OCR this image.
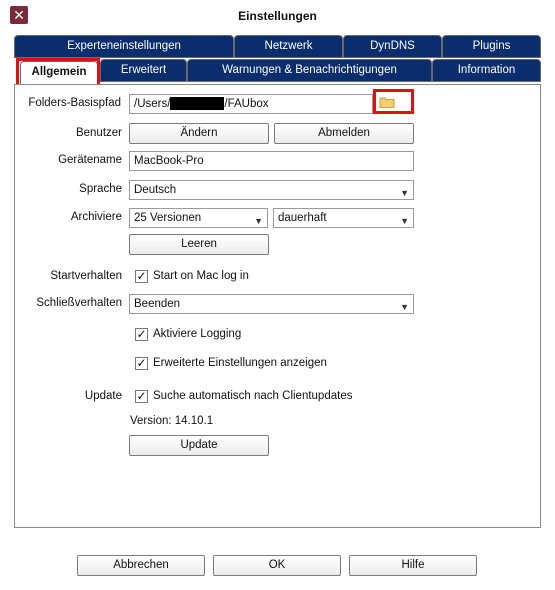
✕	Einstellungen
Experteneinstellungen	Netzwerk	DynDNS	Plugins
Allgemein	Erweitert	Warnungen & Benachrichtigungen	Information
Folders-Basispfad	/Users/	/FAUbox
Benutzer	Ändern	Abmelden
Gerätename	MacBook-Pro
Sprache	Deutsch	▼
Archiviere	25 Versionen	▼	dauerhaft	▼
Leeren
Startverhalten ✓ Start on Mac log in
Schließverhalten	Beenden	▼
✓ Aktiviere Logging
✓ Erweiterte Einstellungen anzeigen
Update ✓ Suche automatisch nach Clientupdates
Version: 14.10.1
Update
Abbrechen	OK	Hilfe
